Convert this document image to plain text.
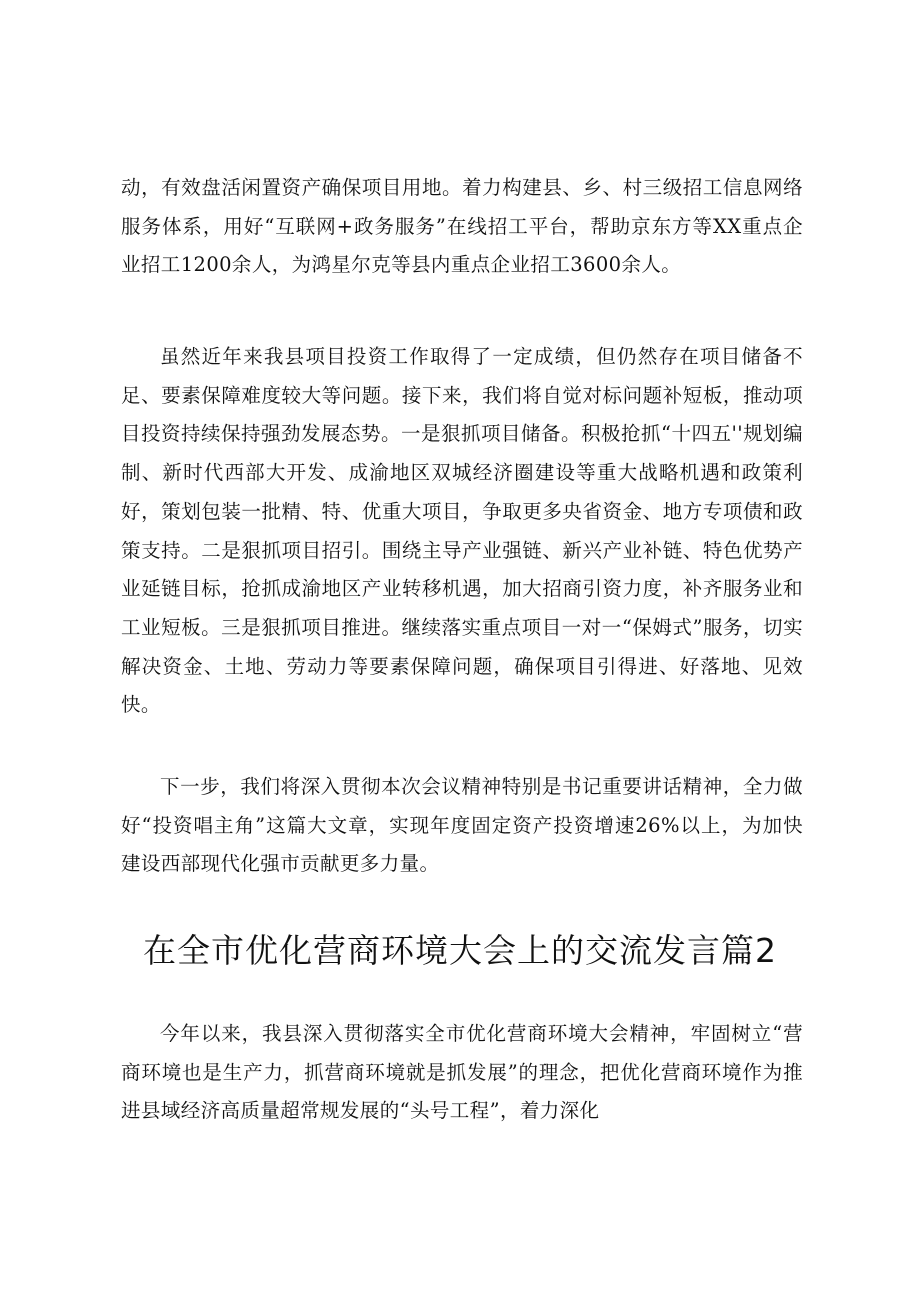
动，有效盘活闲置资产确保项目用地。着力构建县、乡、村三级招工信息网络服务体系，用好“互联网+政务服务”在线招工平台，帮助京东方等XX重点企业招工1200余人，为鸿星尔克等县内重点企业招工3600余人。

虽然近年来我县项目投资工作取得了一定成绩，但仍然存在项目储备不足、要素保障难度较大等问题。接下来，我们将自觉对标问题补短板，推动项目投资持续保持强劲发展态势。一是狠抓项目储备。积极抢抓“十四五''规划编制、新时代西部大开发、成渝地区双城经济圈建设等重大战略机遇和政策利好，策划包装一批精、特、优重大项目，争取更多央省资金、地方专项债和政策支持。二是狠抓项目招引。围绕主导产业强链、新兴产业补链、特色优势产业延链目标，抢抓成渝地区产业转移机遇，加大招商引资力度，补齐服务业和工业短板。三是狠抓项目推进。继续落实重点项目一对一“保姆式”服务，切实解决资金、土地、劳动力等要素保障问题，确保项目引得进、好落地、见效快。

下一步，我们将深入贯彻本次会议精神特别是书记重要讲话精神，全力做好“投资唱主角”这篇大文章，实现年度固定资产投资增速26%以上，为加快建设西部现代化强市贡献更多力量。

在全市优化营商环境大会上的交流发言篇2

今年以来，我县深入贯彻落实全市优化营商环境大会精神，牢固树立“营商环境也是生产力，抓营商环境就是抓发展”的理念，把优化营商环境作为推进县域经济高质量超常规发展的“头号工程”，着力深化
